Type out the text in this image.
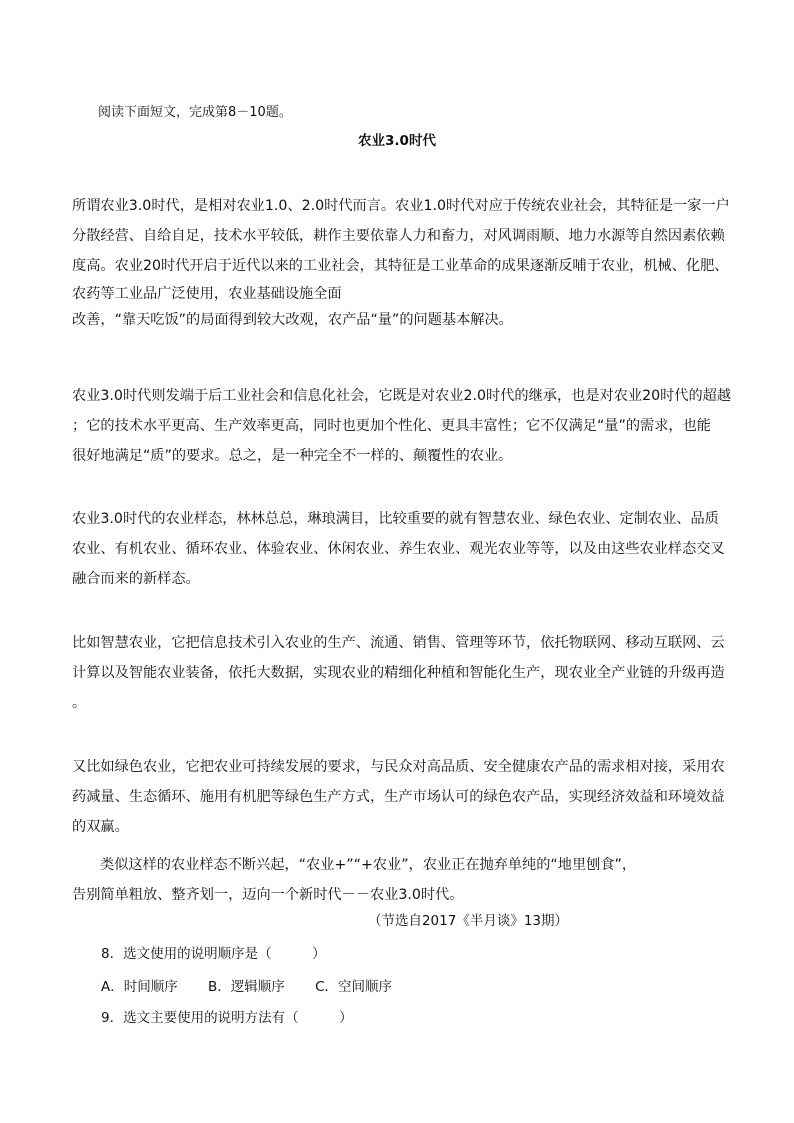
阅读下面短文，完成第8－10题。
农业3.0时代
所谓农业3.0时代，是相对农业1.0、2.0时代而言。农业1.0时代对应于传统农业社会，其特征是一家一户
分散经营、自给自足，技术水平较低，耕作主要依靠人力和畜力，对风调雨顺、地力水源等自然因素依赖
度高。农业20时代开启于近代以来的工业社会，其特征是工业革命的成果逐渐反哺于农业，机械、化肥、
农药等工业品广泛使用，农业基础设施全面
改善，“靠天吃饭”的局面得到较大改观，农产品“量”的问题基本解决。
农业3.0时代则发端于后工业社会和信息化社会，它既是对农业2.0时代的继承，也是对农业20时代的超越
；它的技术水平更高、生产效率更高，同时也更加个性化、更具丰富性；它不仅满足“量”的需求，也能
很好地满足“质”的要求。总之，是一种完全不一样的、颠覆性的农业。
农业3.0时代的农业样态，林林总总，琳琅满目，比较重要的就有智慧农业、绿色农业、定制农业、品质
农业、有机农业、循环农业、体验农业、休闲农业、养生农业、观光农业等等，以及由这些农业样态交叉
融合而来的新样态。
比如智慧农业，它把信息技术引入农业的生产、流通、销售、管理等环节，依托物联网、移动互联网、云
计算以及智能农业装备，依托大数据，实现农业的精细化种植和智能化生产，现农业全产业链的升级再造
。
又比如绿色农业，它把农业可持续发展的要求，与民众对高品质、安全健康农产品的需求相对接，采用农
药减量、生态循环、施用有机肥等绿色生产方式，生产市场认可的绿色农产品，实现经济效益和环境效益
的双赢。
类似这样的农业样态不断兴起，“农业+”“+农业”，农业正在抛弃单纯的“地里刨食”，
告别简单粗放、整齐划一，迈向一个新时代－－农业3.0时代。
（节选自2017《半月谈》13期）
8．选文使用的说明顺序是（　　　）
A．时间顺序 B．逻辑顺序 C．空间顺序
9．选文主要使用的说明方法有（　　　）
